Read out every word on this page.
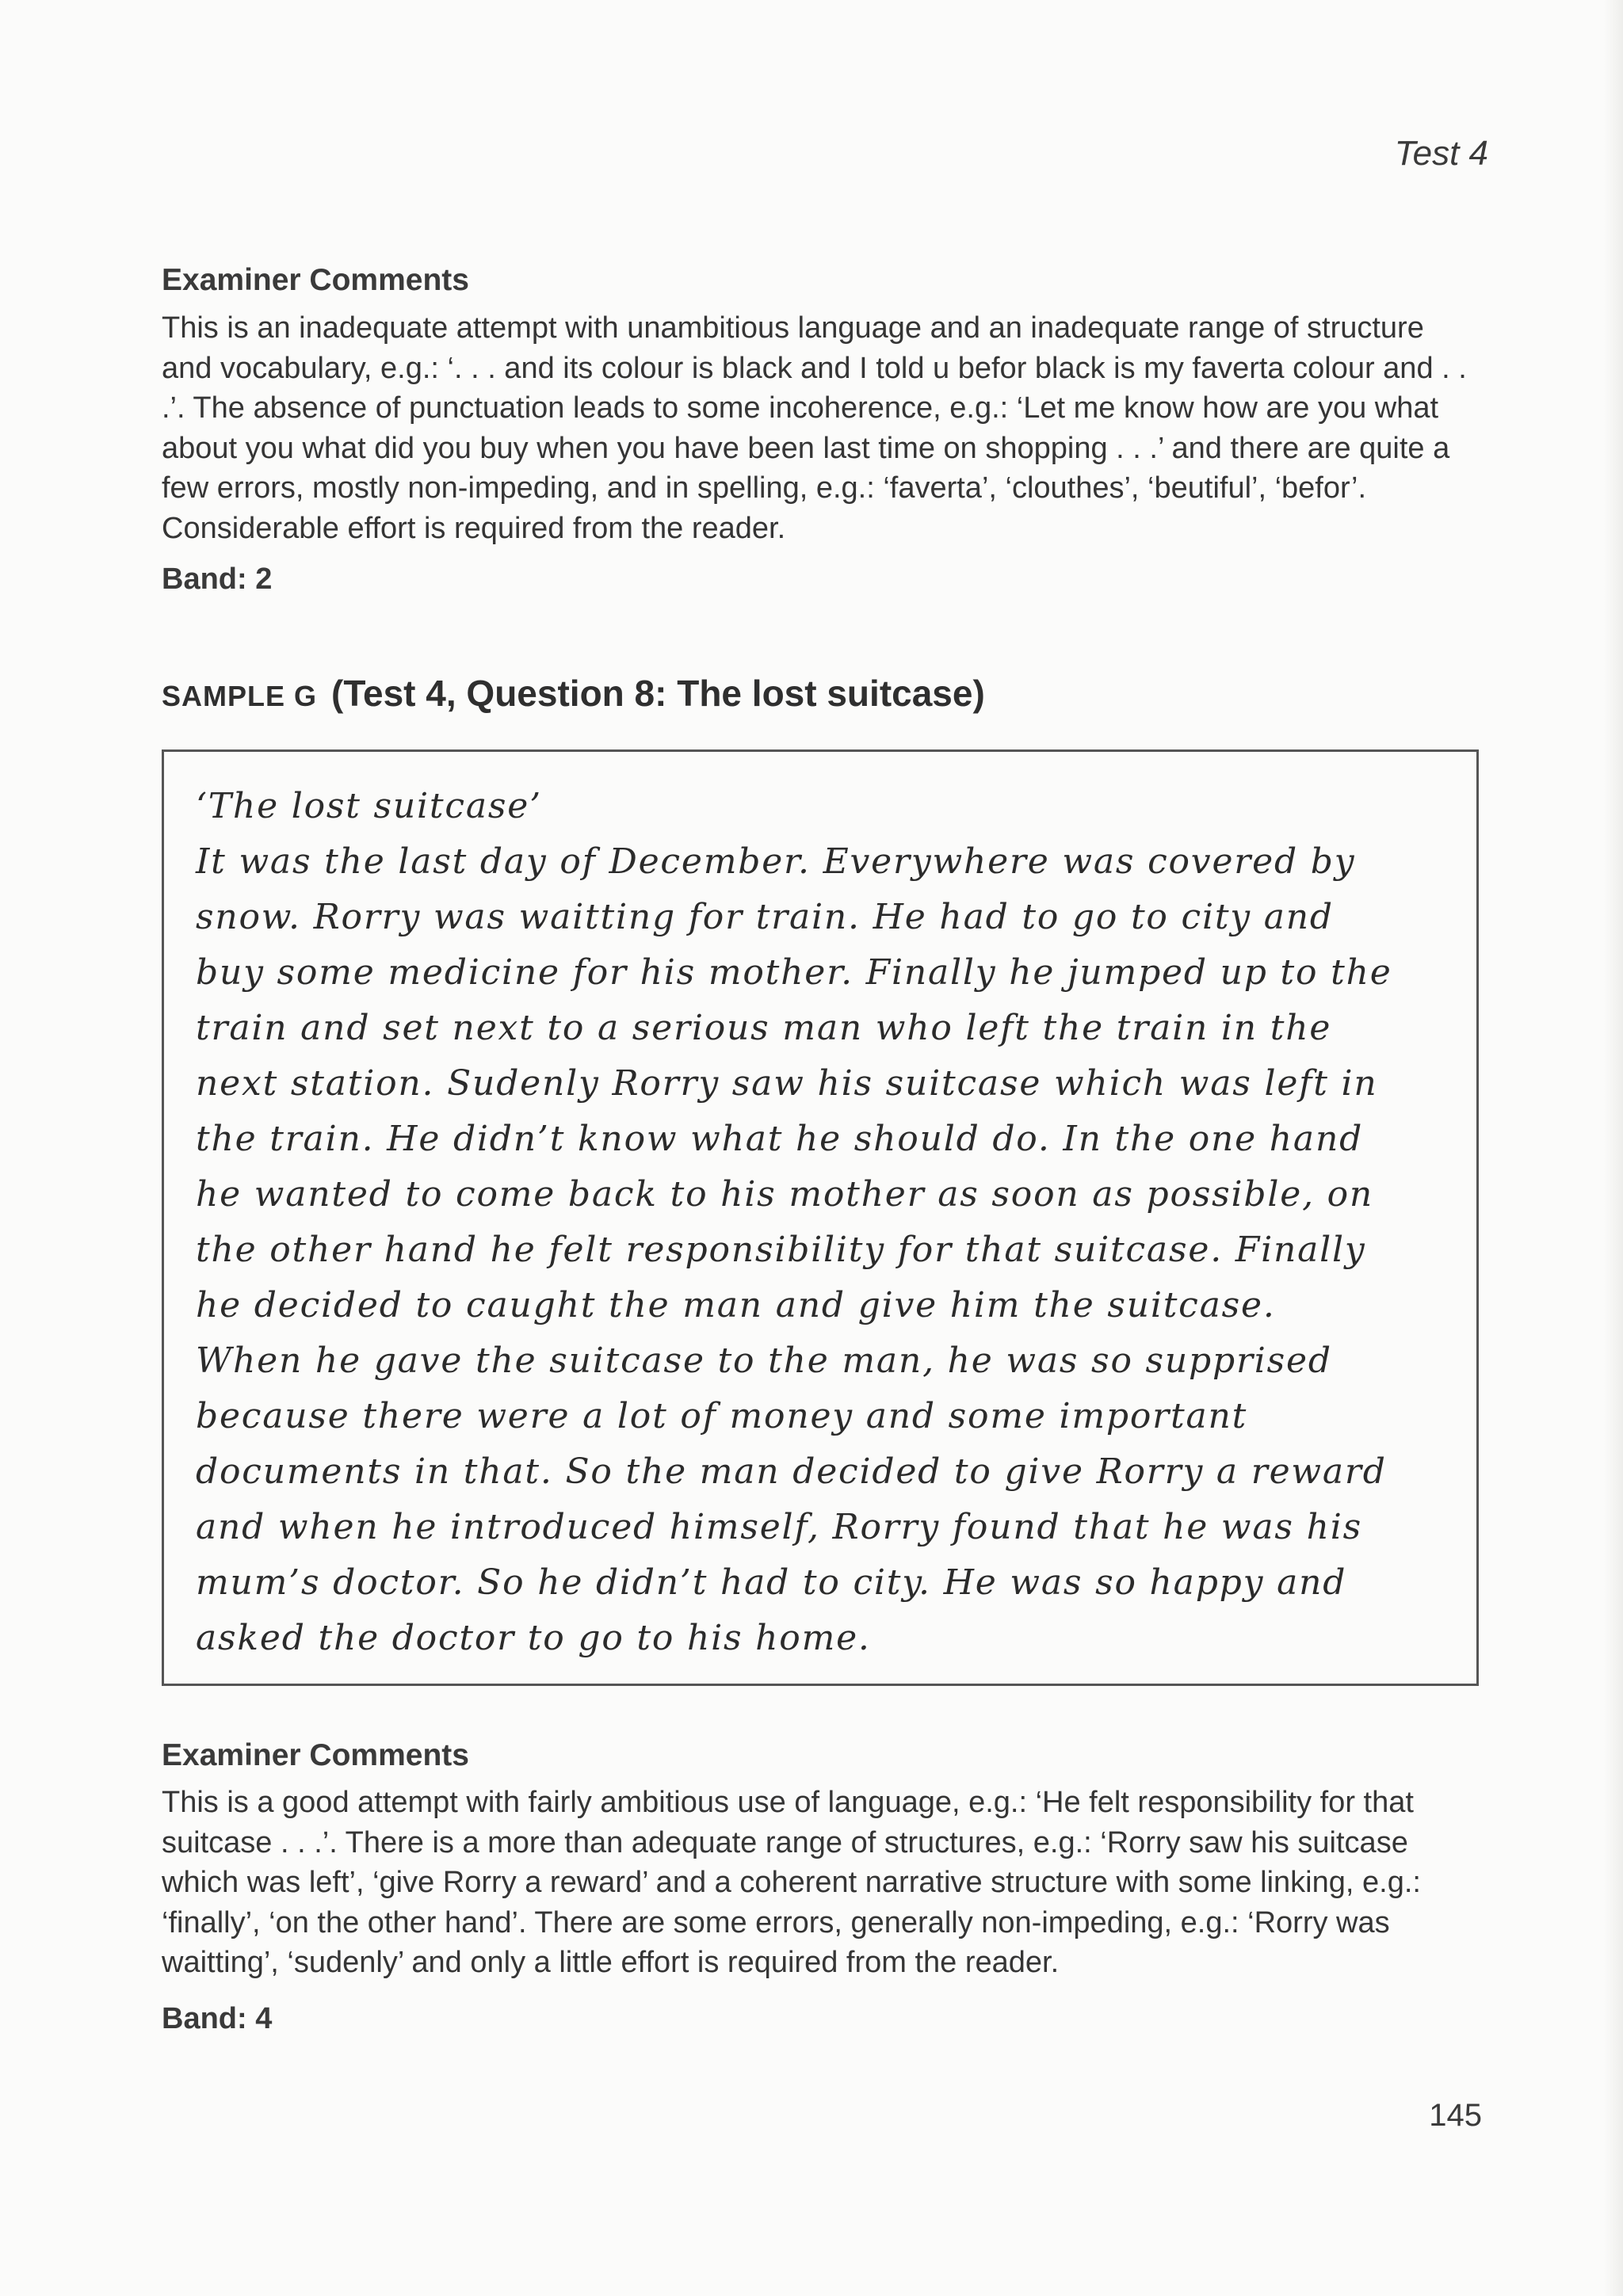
Test 4
Examiner Comments
This is an inadequate attempt with unambitious language and an inadequate range of structure and vocabulary, e.g.: ‘. . . and its colour is black and I told u befor black is my faverta colour and . . .’. The absence of punctuation leads to some incoherence, e.g.: ‘Let me know how are you what about you what did you buy when you have been last time on shopping . . .’ and there are quite a few errors, mostly non-impeding, and in spelling, e.g.: ‘faverta’, ‘clouthes’, ‘beutiful’, ‘befor’. Considerable effort is required from the reader.
Band: 2
SAMPLE G (Test 4, Question 8: The lost suitcase)
‘The lost suitcase’
It was the last day of December. Everywhere was covered by
snow. Rorry was waitting for train. He had to go to city and
buy some medicine for his mother. Finally he jumped up to the
train and set next to a serious man who left the train in the
next station. Sudenly Rorry saw his suitcase which was left in
the train. He didn’t know what he should do. In the one hand
he wanted to come back to his mother as soon as possible, on
the other hand he felt responsibility for that suitcase. Finally
he decided to caught the man and give him the suitcase.
When he gave the suitcase to the man, he was so supprised
because there were a lot of money and some important
documents in that. So the man decided to give Rorry a reward
and when he introduced himself, Rorry found that he was his
mum’s doctor. So he didn’t had to city. He was so happy and
asked the doctor to go to his home.
Examiner Comments
This is a good attempt with fairly ambitious use of language, e.g.: ‘He felt responsibility for that suitcase . . .’. There is a more than adequate range of structures, e.g.: ‘Rorry saw his suitcase which was left’, ‘give Rorry a reward’ and a coherent narrative structure with some linking, e.g.: ‘finally’, ‘on the other hand’. There are some errors, generally non-impeding, e.g.: ‘Rorry was waitting’, ‘sudenly’ and only a little effort is required from the reader.
Band: 4
145
